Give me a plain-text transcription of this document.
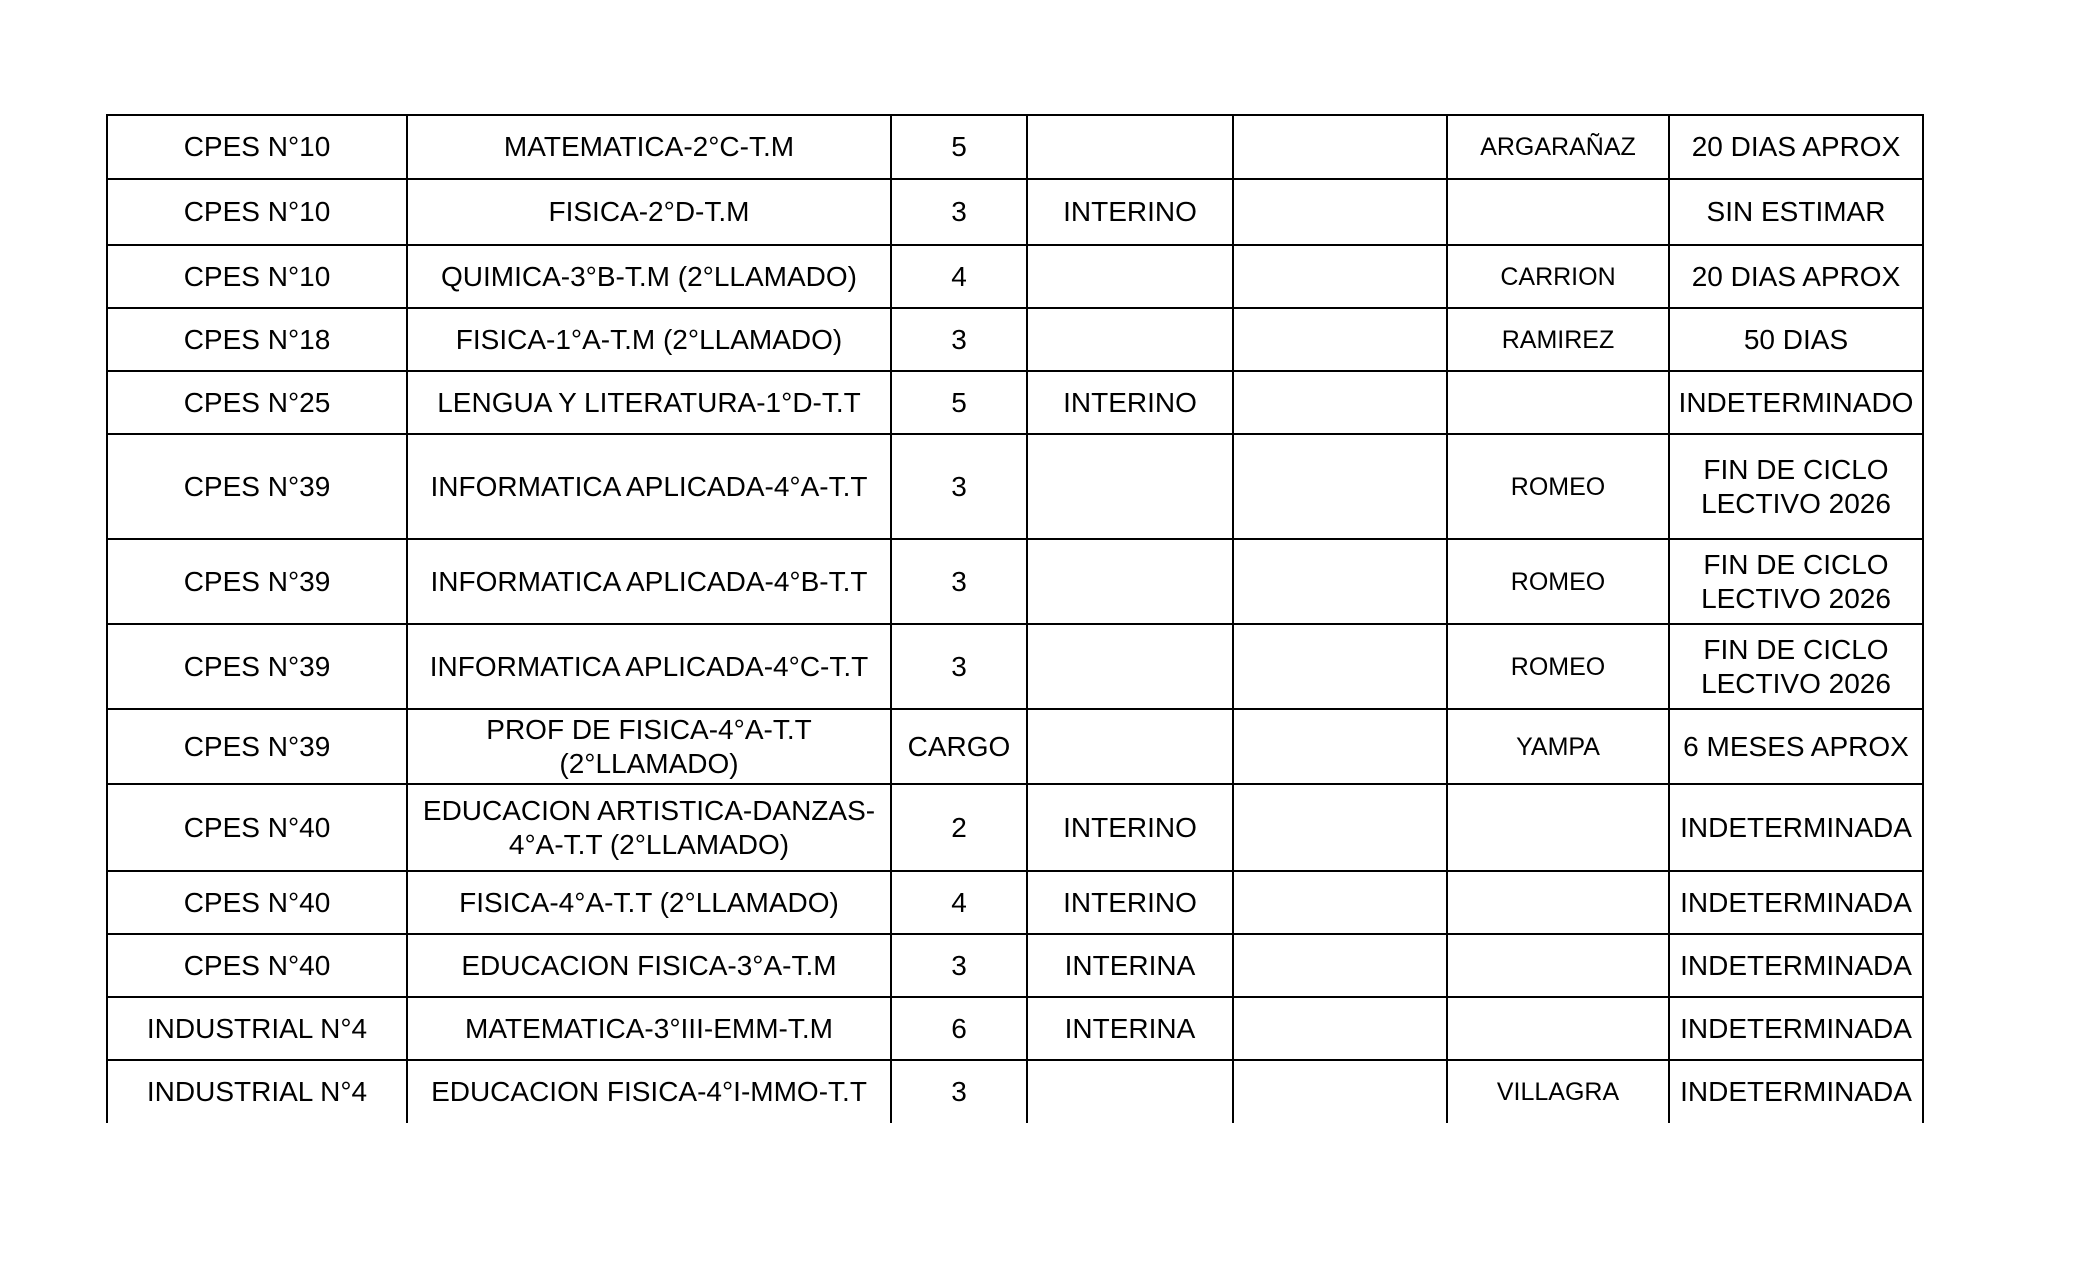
CPES N°10	MATEMATICA-2°C-T.M	5			ARGARAÑAZ	20 DIAS APROX
CPES N°10	FISICA-2°D-T.M	3	INTERINO			SIN ESTIMAR
CPES N°10	QUIMICA-3°B-T.M (2°LLAMADO)	4			CARRION	20 DIAS APROX
CPES N°18	FISICA-1°A-T.M (2°LLAMADO)	3			RAMIREZ	50 DIAS
CPES N°25	LENGUA Y LITERATURA-1°D-T.T	5	INTERINO			INDETERMINADO
CPES N°39	INFORMATICA APLICADA-4°A-T.T	3			ROMEO	FIN DE CICLO LECTIVO 2026
CPES N°39	INFORMATICA APLICADA-4°B-T.T	3			ROMEO	FIN DE CICLO LECTIVO 2026
CPES N°39	INFORMATICA APLICADA-4°C-T.T	3			ROMEO	FIN DE CICLO LECTIVO 2026
CPES N°39	PROF DE FISICA-4°A-T.T (2°LLAMADO)	CARGO			YAMPA	6 MESES APROX
CPES N°40	EDUCACION ARTISTICA-DANZAS-4°A-T.T (2°LLAMADO)	2	INTERINO			INDETERMINADA
CPES N°40	FISICA-4°A-T.T (2°LLAMADO)	4	INTERINO			INDETERMINADA
CPES N°40	EDUCACION FISICA-3°A-T.M	3	INTERINA			INDETERMINADA
INDUSTRIAL N°4	MATEMATICA-3°III-EMM-T.M	6	INTERINA			INDETERMINADA
INDUSTRIAL N°4	EDUCACION FISICA-4°I-MMO-T.T	3			VILLAGRA	INDETERMINADA
